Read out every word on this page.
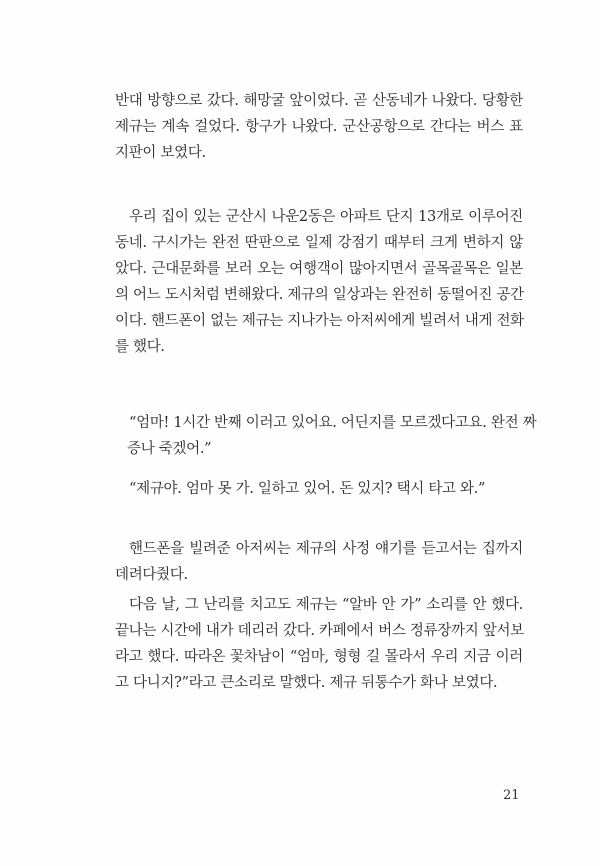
반대 방향으로 갔다. 해망굴 앞이었다. 곧 산동네가 나왔다. 당황한
제규는 계속 걸었다. 항구가 나왔다. 군산공항으로 간다는 버스 표
지판이 보였다.

우리 집이 있는 군산시 나운2동은 아파트 단지 13개로 이루어진
동네. 구시가는 완전 딴판으로 일제 강점기 때부터 크게 변하지 않
았다. 근대문화를 보러 오는 여행객이 많아지면서 골목골목은 일본
의 어느 도시처럼 변해왔다. 제규의 일상과는 완전히 동떨어진 공간
이다. 핸드폰이 없는 제규는 지나가는 아저씨에게 빌려서 내게 전화
를 했다.

“엄마! 1시간 반째 이러고 있어요. 어딘지를 모르겠다고요. 완전 짜
증나 죽겠어.”

“제규야. 엄마 못 가. 일하고 있어. 돈 있지? 택시 타고 와.”

핸드폰을 빌려준 아저씨는 제규의 사정 얘기를 듣고서는 집까지
데려다줬다.

다음 날, 그 난리를 치고도 제규는 “알바 안 가” 소리를 안 했다.
끝나는 시간에 내가 데리러 갔다. 카페에서 버스 정류장까지 앞서보
라고 했다. 따라온 꽃차남이 “엄마, 형형 길 몰라서 우리 지금 이러
고 다니지?”라고 큰소리로 말했다. 제규 뒤통수가 화나 보였다.

21
